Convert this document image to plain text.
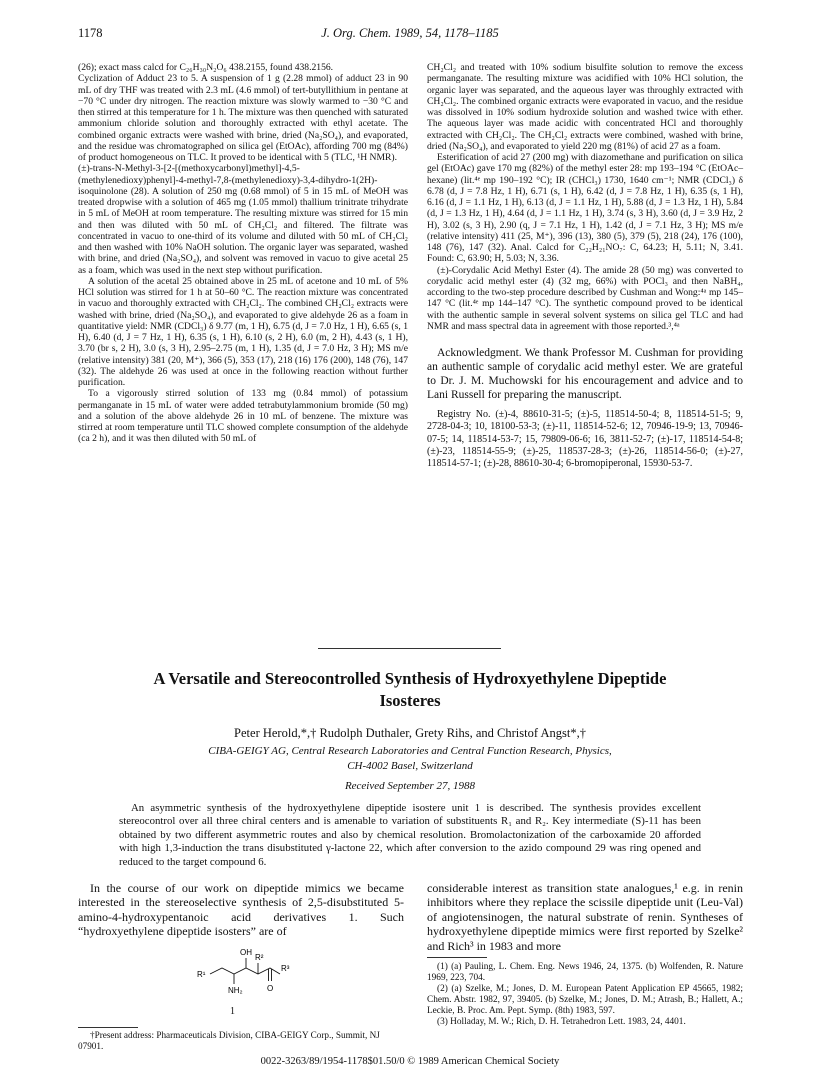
1178	J. Org. Chem. 1989, 54, 1178–1185

(26); exact mass calcd for C₂₆H₃₀N₂O₆ 438.2155, found 438.2156.

Cyclization of Adduct 23 to 5. A suspension of 1 g (2.28 mmol) of adduct 23 in 90 mL of dry THF was treated with 2.3 mL (4.6 mmol) of tert-butyllithium in pentane at −70 °C under dry nitrogen. The reaction mixture was slowly warmed to −30 °C and then stirred at this temperature for 1 h. The mixture was then quenched with saturated ammonium chloride solution and thoroughly extracted with ethyl acetate. The combined organic extracts were washed with brine, dried (Na₂SO₄), and evaporated, and the residue was chromatographed on silica gel (EtOAc), affording 700 mg (84%) of product homogeneous on TLC. It proved to be identical with 5 (TLC, ¹H NMR).

(±)-trans-N-Methyl-3-[2-[(methoxycarbonyl)methyl]-4,5-(methylenedioxy)phenyl]-4-methyl-7,8-(methylenedioxy)-3,4-dihydro-1(2H)-isoquinolone (28). A solution of 250 mg (0.68 mmol) of 5 in 15 mL of MeOH was treated dropwise with a solution of 465 mg (1.05 mmol) thallium trinitrate trihydrate in 5 mL of MeOH at room temperature. The resulting mixture was stirred for 15 min and then was diluted with 50 mL of CH₂Cl₂ and filtered. The filtrate was concentrated in vacuo to one-third of its volume and diluted with 50 mL of CH₂Cl₂ and then washed with 10% NaOH solution. The organic layer was separated, washed with brine, and dried (Na₂SO₄), and solvent was removed in vacuo to give acetal 25 as a foam, which was used in the next step without purification.

A solution of the acetal 25 obtained above in 25 mL of acetone and 10 mL of 5% HCl solution was stirred for 1 h at 50–60 °C. The reaction mixture was concentrated in vacuo and thoroughly extracted with CH₂Cl₂. The combined CH₂Cl₂ extracts were washed with brine, dried (Na₂SO₄), and evaporated to give aldehyde 26 as a foam in quantitative yield: NMR (CDCl₃) δ 9.77 (m, 1 H), 6.75 (d, J = 7.0 Hz, 1 H), 6.65 (s, 1 H), 6.40 (d, J = 7 Hz, 1 H), 6.35 (s, 1 H), 6.10 (s, 2 H), 6.0 (m, 2 H), 4.43 (s, 1 H), 3.70 (br s, 2 H), 3.0 (s, 3 H), 2.95–2.75 (m, 1 H), 1.35 (d, J = 7.0 Hz, 3 H); MS m/e (relative intensity) 381 (20, M⁺), 366 (5), 353 (17), 218 (16) 176 (200), 148 (76), 147 (32). The aldehyde 26 was used at once in the following reaction without further purification.

To a vigorously stirred solution of 133 mg (0.84 mmol) of potassium permanganate in 15 mL of water were added tetrabutylammonium bromide (50 mg) and a solution of the above aldehyde 26 in 10 mL of benzene. The mixture was stirred at room temperature until TLC showed complete consumption of the aldehyde (ca 2 h), and it was then diluted with 50 mL of

CH₂Cl₂ and treated with 10% sodium bisulfite solution to remove the excess permanganate. The resulting mixture was acidified with 10% HCl solution, the organic layer was separated, and the aqueous layer was throughly extracted with CH₂Cl₂. The combined organic extracts were evaporated in vacuo, and the residue was dissolved in 10% sodium hydroxide solution and washed twice with ether. The aqueous layer was made acidic with concentrated HCl and thoroughly extracted with CH₂Cl₂. The CH₂Cl₂ extracts were combined, washed with brine, dried (Na₂SO₄), and evaporated to yield 220 mg (81%) of acid 27 as a foam.

Esterification of acid 27 (200 mg) with diazomethane and purification on silica gel (EtOAc) gave 170 mg (82%) of the methyl ester 28: mp 193–194 °C (EtOAc–hexane) (lit.⁴ᵉ mp 190–192 °C); IR (CHCl₃) 1730, 1640 cm⁻¹; NMR (CDCl₃) δ 6.78 (d, J = 7.8 Hz, 1 H), 6.71 (s, 1 H), 6.42 (d, J = 7.8 Hz, 1 H), 6.35 (s, 1 H), 6.16 (d, J = 1.1 Hz, 1 H), 6.13 (d, J = 1.1 Hz, 1 H), 5.88 (d, J = 1.3 Hz, 1 H), 5.84 (d, J = 1.3 Hz, 1 H), 4.64 (d, J = 1.1 Hz, 1 H), 3.74 (s, 3 H), 3.60 (d, J = 3.9 Hz, 2 H), 3.02 (s, 3 H), 2.90 (q, J = 7.1 Hz, 1 H), 1.42 (d, J = 7.1 Hz, 3 H); MS m/e (relative intensity) 411 (25, M⁺), 396 (13), 380 (5), 379 (5), 218 (24), 176 (100), 148 (76), 147 (32). Anal. Calcd for C₂₂H₂₁NO₇: C, 64.23; H, 5.11; N, 3.41. Found: C, 63.90; H, 5.03; N, 3.36.

(±)-Corydalic Acid Methyl Ester (4). The amide 28 (50 mg) was converted to corydalic acid methyl ester (4) (32 mg, 66%) with POCl₃ and then NaBH₄, according to the two-step procedure described by Cushman and Wong:⁴ᵃ mp 145–147 °C (lit.⁴ᵉ mp 144–147 °C). The synthetic compound proved to be identical with the authentic sample in several solvent systems on silica gel TLC and had NMR and mass spectral data in agreement with those reported.³,⁴ᵃ

Acknowledgment. We thank Professor M. Cushman for providing an authentic sample of corydalic acid methyl ester. We are grateful to Dr. J. M. Muchowski for his encouragement and advice and to Lani Russell for preparing the manuscript.

Registry No. (±)-4, 88610-31-5; (±)-5, 118514-50-4; 8, 118514-51-5; 9, 2728-04-3; 10, 18100-53-3; (±)-11, 118514-52-6; 12, 70946-19-9; 13, 70946-07-5; 14, 118514-53-7; 15, 79809-06-6; 16, 3811-52-7; (±)-17, 118514-54-8; (±)-23, 118514-55-9; (±)-25, 118537-28-3; (±)-26, 118514-56-0; (±)-27, 118514-57-1; (±)-28, 88610-30-4; 6-bromopiperonal, 15930-53-7.

A Versatile and Stereocontrolled Synthesis of Hydroxyethylene Dipeptide
Isosteres
Peter Herold,*,† Rudolph Duthaler, Grety Rihs, and Christof Angst*,†
CIBA-GEIGY AG, Central Research Laboratories and Central Function Research, Physics,
CH-4002 Basel, Switzerland
Received September 27, 1988
An asymmetric synthesis of the hydroxyethylene dipeptide isostere unit 1 is described. The synthesis provides excellent stereocontrol over all three chiral centers and is amenable to variation of substituents R₁ and R₂. Key intermediate (S)-11 has been obtained by two different asymmetric routes and also by chemical resolution. Bromolactonization of the carboxamide 20 afforded with high 1,3-induction the trans disubstituted γ-lactone 22, which after conversion to the azido compound 29 was ring opened and reduced to the target compound 6.
In the course of our work on dipeptide mimics we became interested in the stereoselective synthesis of 2,5-disubstituted 5-amino-4-hydroxypentanoic acid derivatives 1. Such “hydroxyethylene dipeptide isosters” are of
R¹
OH
R²
R³
NH₂	O
1
†Present address: Pharmaceuticals Division, CIBA-GEIGY Corp., Summit, NJ 07901.
considerable interest as transition state analogues,¹ e.g. in renin inhibitors where they replace the scissile dipeptide unit (Leu-Val) of angiotensinogen, the natural substrate of renin. Syntheses of hydroxyethylene dipeptide mimics were first reported by Szelke² and Rich³ in 1983 and more

(1) (a) Pauling, L. Chem. Eng. News 1946, 24, 1375. (b) Wolfenden, R. Nature 1969, 223, 704.

(2) (a) Szelke, M.; Jones, D. M. European Patent Application EP 45665, 1982; Chem. Abstr. 1982, 97, 39405. (b) Szelke, M.; Jones, D. M.; Atrash, B.; Hallett, A.; Leckie, B. Proc. Am. Pept. Symp. (8th) 1983, 597.

(3) Holladay, M. W.; Rich, D. H. Tetrahedron Lett. 1983, 24, 4401.

0022-3263/89/1954-1178$01.50/0 © 1989 American Chemical Society
